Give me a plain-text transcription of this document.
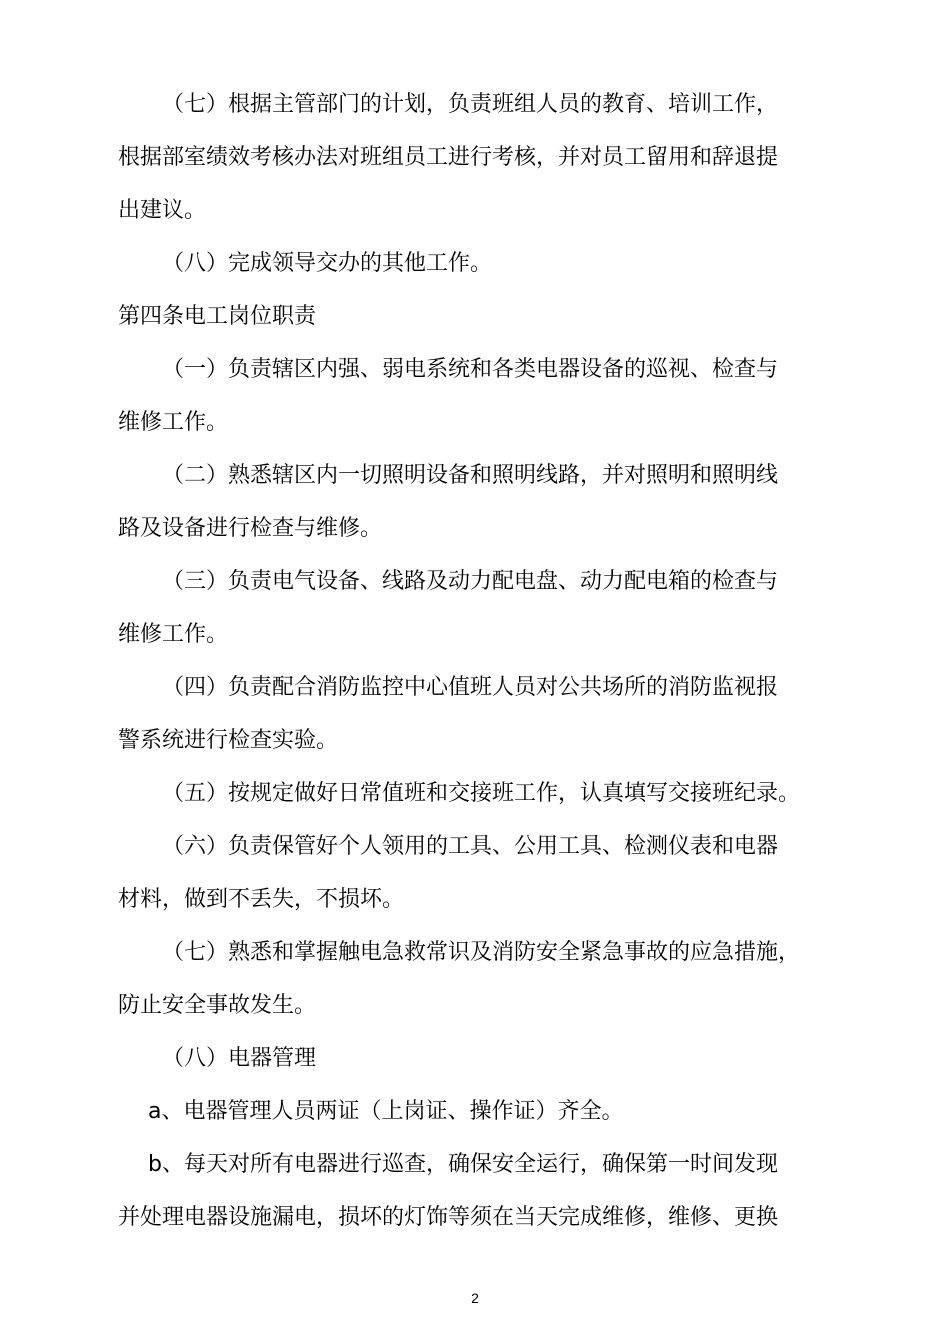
（七）根据主管部门的计划，负责班组人员的教育、培训工作，
根据部室绩效考核办法对班组员工进行考核，并对员工留用和辞退提
出建议。
（八）完成领导交办的其他工作。
第四条电工岗位职责
（一）负责辖区内强、弱电系统和各类电器设备的巡视、检查与
维修工作。
（二）熟悉辖区内一切照明设备和照明线路，并对照明和照明线
路及设备进行检查与维修。
（三）负责电气设备、线路及动力配电盘、动力配电箱的检查与
维修工作。
（四）负责配合消防监控中心值班人员对公共场所的消防监视报
警系统进行检查实验。
（五）按规定做好日常值班和交接班工作，认真填写交接班纪录。
（六）负责保管好个人领用的工具、公用工具、检测仪表和电器
材料，做到不丢失，不损坏。
（七）熟悉和掌握触电急救常识及消防安全紧急事故的应急措施，
防止安全事故发生。
（八）电器管理
a、电器管理人员两证（上岗证、操作证）齐全。
b、每天对所有电器进行巡查，确保安全运行，确保第一时间发现
并处理电器设施漏电，损坏的灯饰等须在当天完成维修，维修、更换
2
